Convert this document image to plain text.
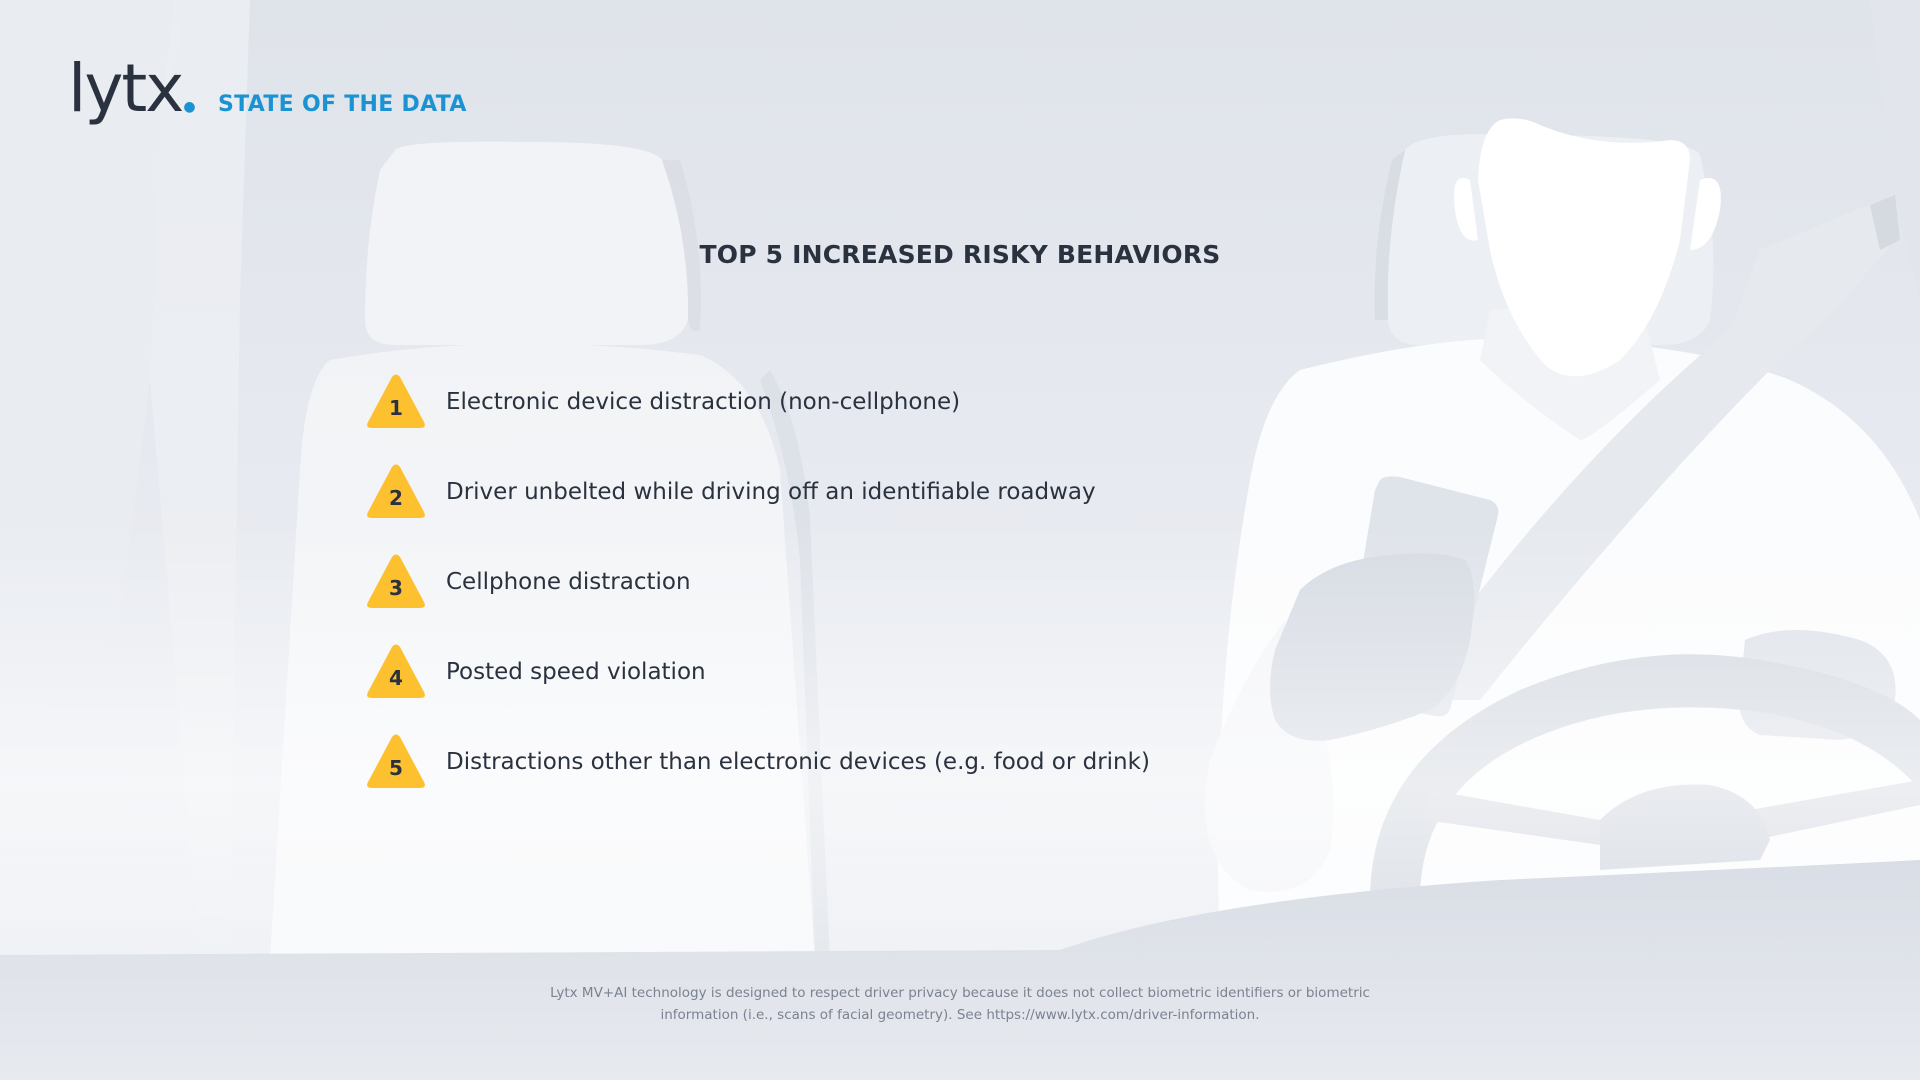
lytx● STATE OF THE DATA
TOP 5 INCREASED RISKY BEHAVIORS
1	Electronic device distraction (non-cellphone)
2	Driver unbelted while driving off an identifiable roadway
3	Cellphone distraction
4	Posted speed violation
5	Distractions other than electronic devices (e.g. food or drink)
Lytx MV+AI technology is designed to respect driver privacy because it does not collect biometric identifiers or biometric
information (i.e., scans of facial geometry). See https://www.lytx.com/driver-information.
